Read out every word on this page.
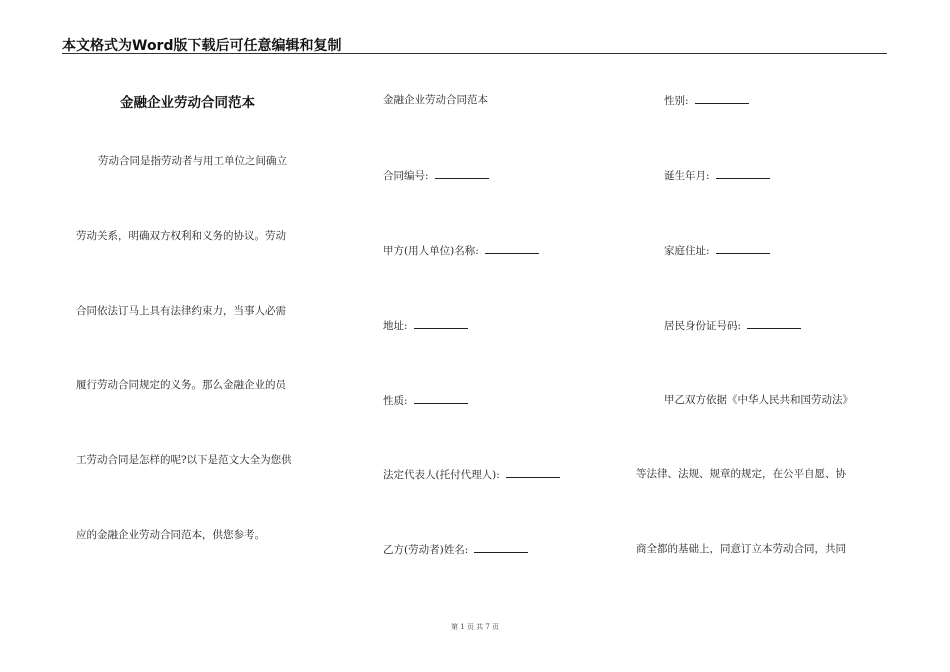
本文格式为Word版下载后可任意编辑和复制
金融企业劳动合同范本
劳动合同是指劳动者与用工单位之间确立
劳动关系，明确双方权利和义务的协议。劳动
合同依法订马上具有法律约束力，当事人必需
履行劳动合同规定的义务。那么金融企业的员
工劳动合同是怎样的呢?以下是范文大全为您供
应的金融企业劳动合同范本，供您参考。
金融企业劳动合同范本
合同编号:
甲方(用人单位)名称:
地址:
性质:
法定代表人(托付代理人):
乙方(劳动者)姓名:
性别:
诞生年月:
家庭住址:
居民身份证号码:
甲乙双方依据《中华人民共和国劳动法》
等法律、法规、规章的规定，在公平自愿、协
商全都的基础上，同意订立本劳动合同，共同
第 1 页 共 7 页
